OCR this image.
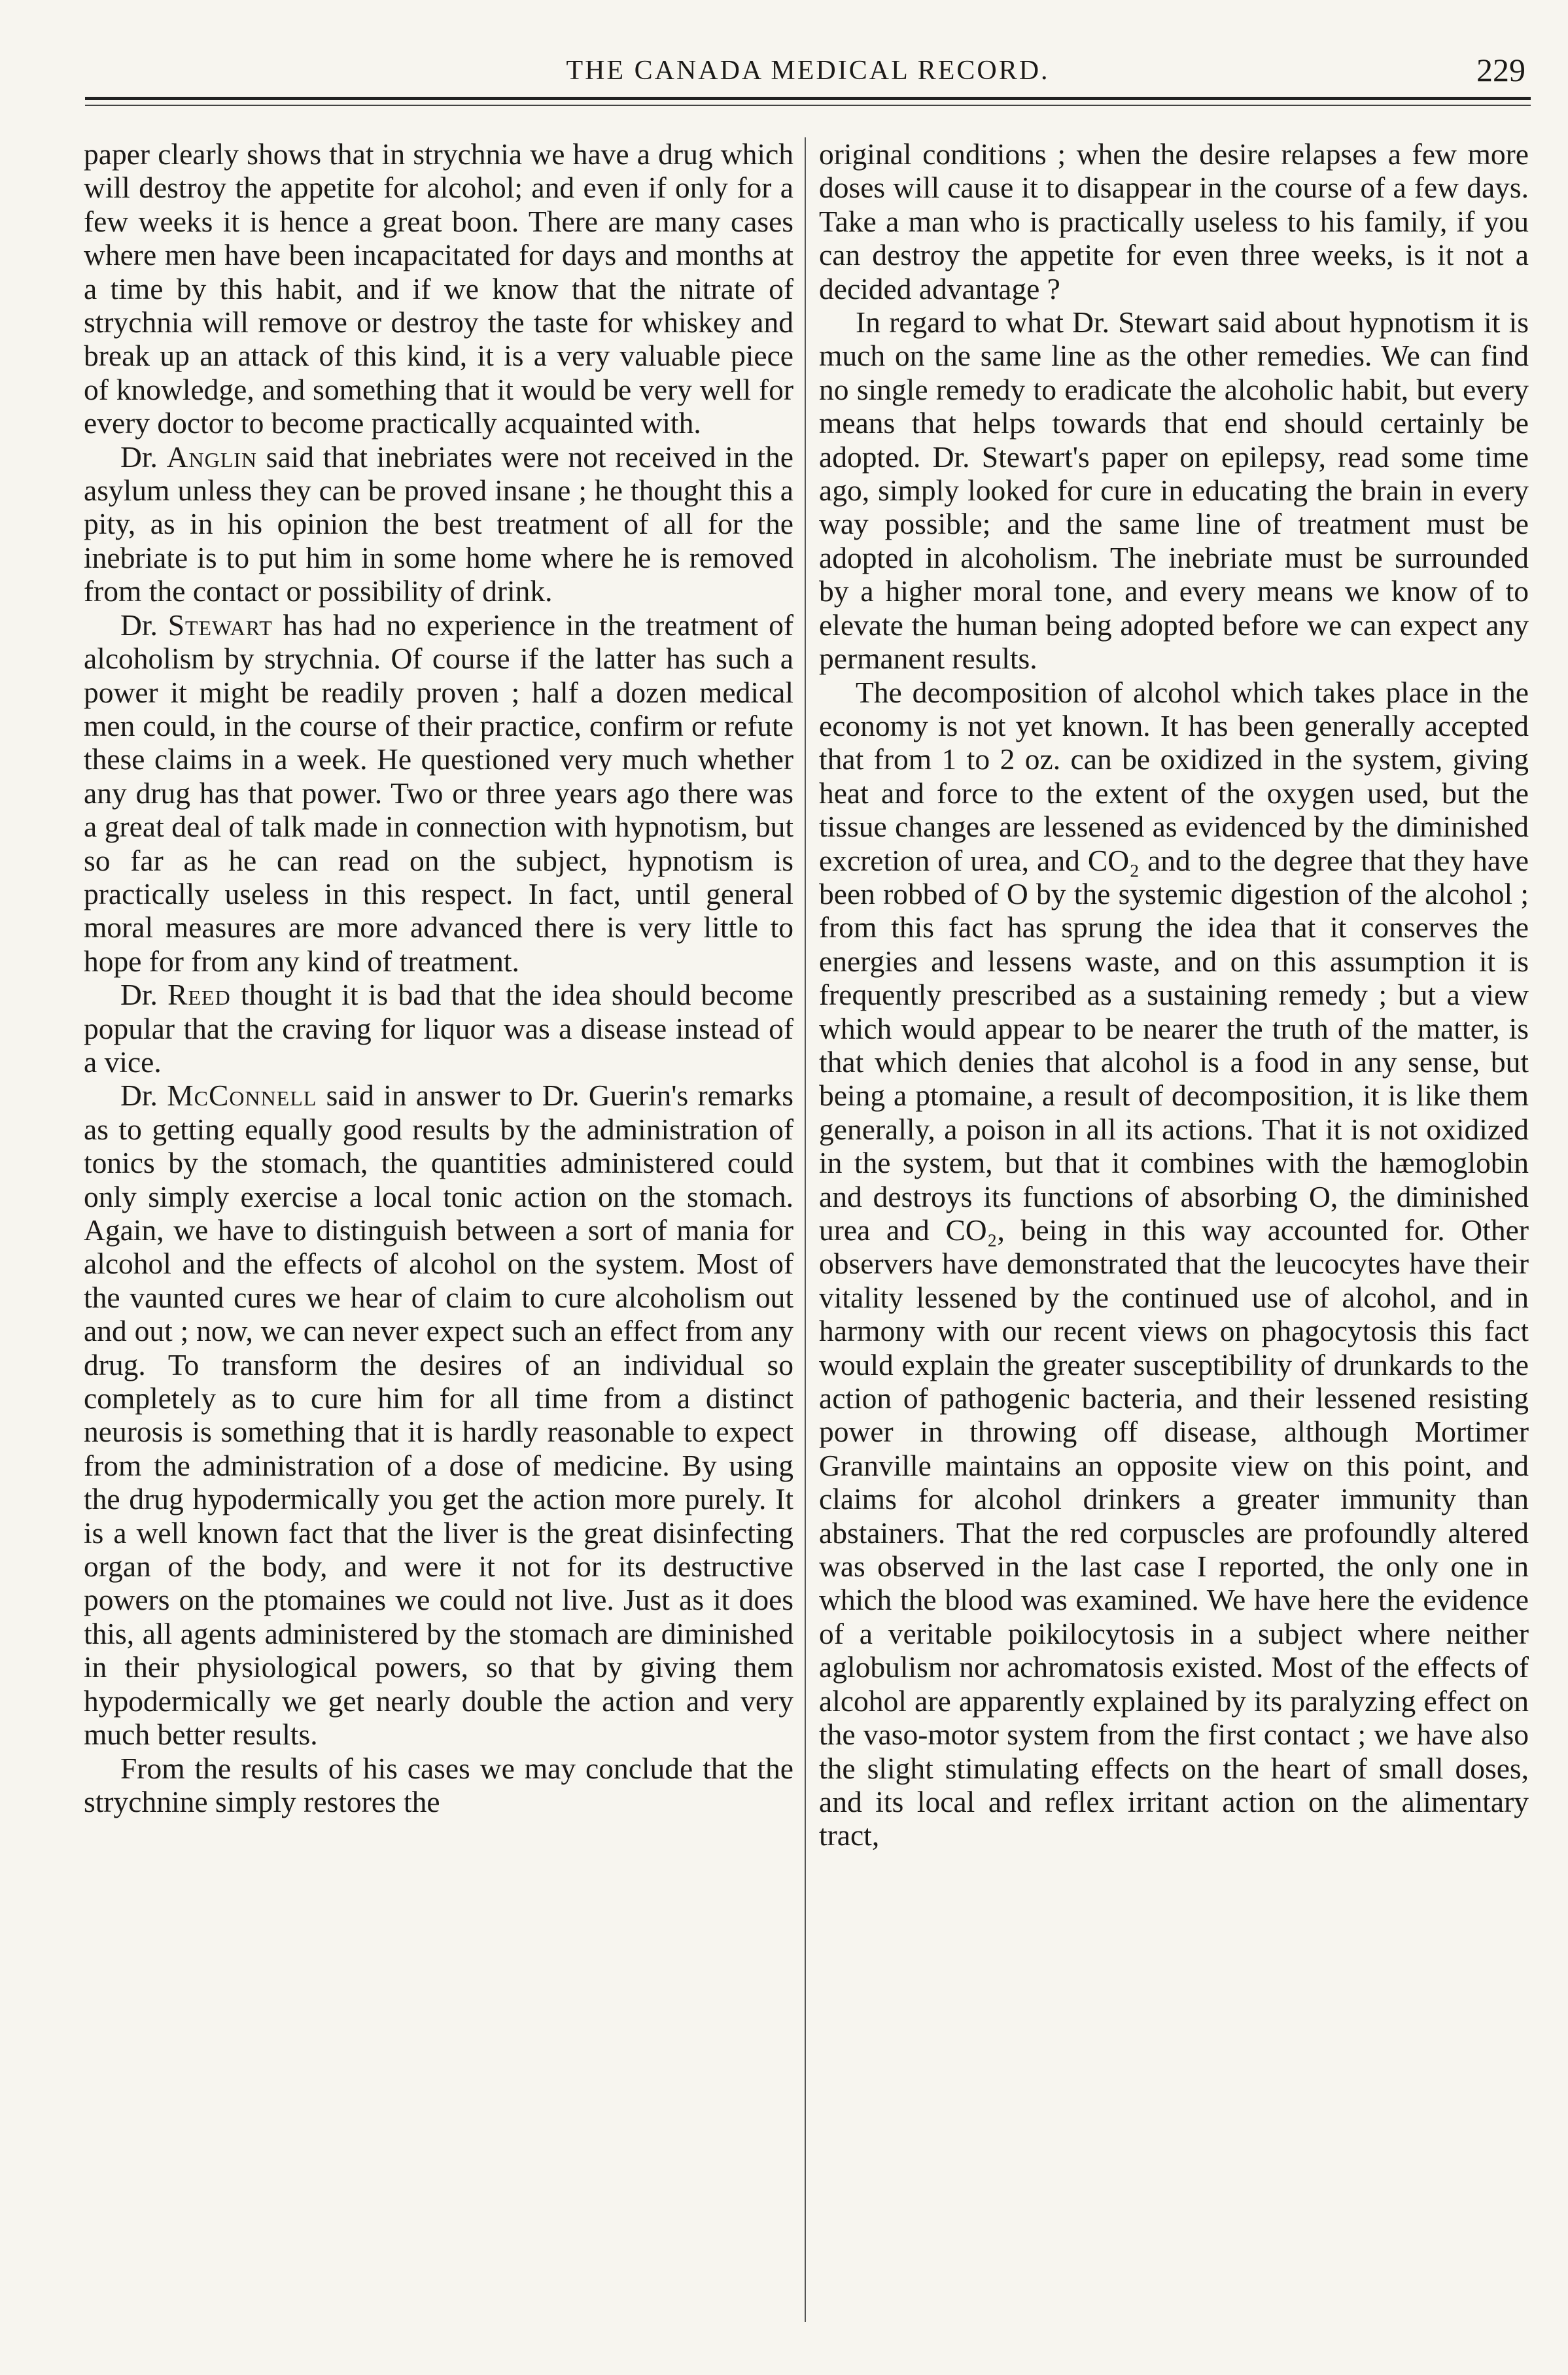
THE CANADA MEDICAL RECORD.	229

paper clearly shows that in strychnia we have a drug which will destroy the appetite for alcohol; and even if only for a few weeks it is hence a great boon. There are many cases where men have been incapacitated for days and months at a time by this habit, and if we know that the nitrate of strychnia will remove or destroy the taste for whiskey and break up an attack of this kind, it is a very valuable piece of knowledge, and something that it would be very well for every doctor to become practically acquainted with.

Dr. Anglin said that inebriates were not received in the asylum unless they can be proved insane ; he thought this a pity, as in his opinion the best treatment of all for the inebriate is to put him in some home where he is removed from the contact or possibility of drink.

Dr. Stewart has had no experience in the treatment of alcoholism by strychnia. Of course if the latter has such a power it might be readily proven ; half a dozen medical men could, in the course of their practice, confirm or refute these claims in a week. He questioned very much whether any drug has that power. Two or three years ago there was a great deal of talk made in connection with hypnotism, but so far as he can read on the subject, hypnotism is practically useless in this respect. In fact, until general moral measures are more advanced there is very little to hope for from any kind of treatment.

Dr. Reed thought it is bad that the idea should become popular that the craving for liquor was a disease instead of a vice.

Dr. McConnell said in answer to Dr. Guerin's remarks as to getting equally good results by the administration of tonics by the stomach, the quantities administered could only simply exercise a local tonic action on the stomach. Again, we have to distinguish between a sort of mania for alcohol and the effects of alcohol on the system. Most of the vaunted cures we hear of claim to cure alcoholism out and out ; now, we can never expect such an effect from any drug. To transform the desires of an individual so completely as to cure him for all time from a distinct neurosis is something that it is hardly reasonable to expect from the administration of a dose of medicine. By using the drug hypodermically you get the action more purely. It is a well known fact that the liver is the great disinfecting organ of the body, and were it not for its destructive powers on the ptomaines we could not live. Just as it does this, all agents administered by the stomach are diminished in their physiological powers, so that by giving them hypodermically we get nearly double the action and very much better results.

From the results of his cases we may conclude that the strychnine simply restores the

original conditions ; when the desire relapses a few more doses will cause it to disappear in the course of a few days. Take a man who is practically useless to his family, if you can destroy the appetite for even three weeks, is it not a decided advantage ?

In regard to what Dr. Stewart said about hypnotism it is much on the same line as the other remedies. We can find no single remedy to eradicate the alcoholic habit, but every means that helps towards that end should certainly be adopted. Dr. Stewart's paper on epilepsy, read some time ago, simply looked for cure in educating the brain in every way possible; and the same line of treatment must be adopted in alcoholism. The inebriate must be surrounded by a higher moral tone, and every means we know of to elevate the human being adopted before we can expect any permanent results.

The decomposition of alcohol which takes place in the economy is not yet known. It has been generally accepted that from 1 to 2 oz. can be oxidized in the system, giving heat and force to the extent of the oxygen used, but the tissue changes are lessened as evidenced by the diminished excretion of urea, and CO₂ and to the degree that they have been robbed of O by the systemic digestion of the alcohol ; from this fact has sprung the idea that it conserves the energies and lessens waste, and on this assumption it is frequently prescribed as a sustaining remedy ; but a view which would appear to be nearer the truth of the matter, is that which denies that alcohol is a food in any sense, but being a ptomaine, a result of decomposition, it is like them generally, a poison in all its actions. That it is not oxidized in the system, but that it combines with the hæmoglobin and destroys its functions of absorbing O, the diminished urea and CO₂, being in this way accounted for. Other observers have demonstrated that the leucocytes have their vitality lessened by the continued use of alcohol, and in harmony with our recent views on phagocytosis this fact would explain the greater susceptibility of drunkards to the action of pathogenic bacteria, and their lessened resisting power in throwing off disease, although Mortimer Granville maintains an opposite view on this point, and claims for alcohol drinkers a greater immunity than abstainers. That the red corpuscles are profoundly altered was observed in the last case I reported, the only one in which the blood was examined. We have here the evidence of a veritable poikilocytosis in a subject where neither aglobulism nor achromatosis existed. Most of the effects of alcohol are apparently explained by its paralyzing effect on the vaso-motor system from the first contact ; we have also the slight stimulating effects on the heart of small doses, and its local and reflex irritant action on the alimentary tract,
